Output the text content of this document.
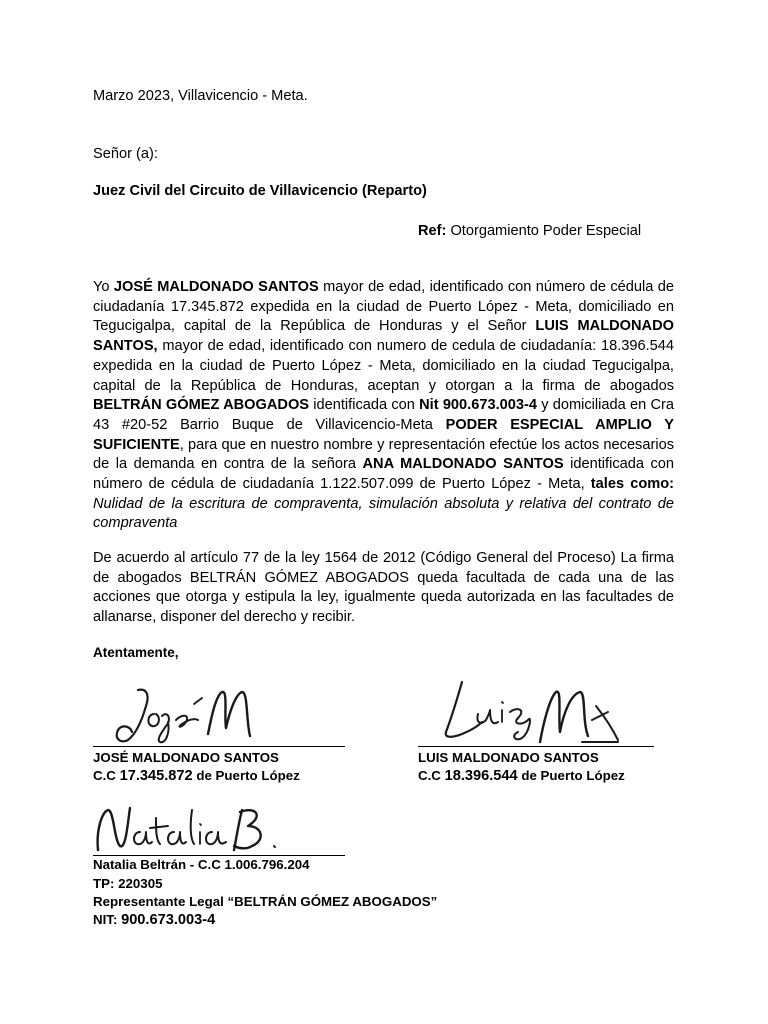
Marzo 2023, Villavicencio - Meta.
Señor (a):
Juez Civil del Circuito de Villavicencio (Reparto)
Ref: Otorgamiento Poder Especial
Yo JOSÉ MALDONADO SANTOS mayor de edad, identificado con número de cédula de ciudadanía 17.345.872 expedida en la ciudad de Puerto López - Meta, domiciliado en Tegucigalpa, capital de la República de Honduras y el Señor LUIS MALDONADO SANTOS, mayor de edad, identificado con numero de cedula de ciudadanía: 18.396.544 expedida en la ciudad de Puerto López - Meta, domiciliado en la ciudad Tegucigalpa, capital de la República de Honduras, aceptan y otorgan a la firma de abogados BELTRÁN GÓMEZ ABOGADOS identificada con Nit 900.673.003-4 y domiciliada en Cra 43 #20-52 Barrio Buque de Villavicencio-Meta PODER ESPECIAL AMPLIO Y SUFICIENTE, para que en nuestro nombre y representación efectúe los actos necesarios de la demanda en contra de la señora ANA MALDONADO SANTOS identificada con número de cédula de ciudadanía 1.122.507.099 de Puerto López - Meta, tales como: Nulidad de la escritura de compraventa, simulación absoluta y relativa del contrato de compraventa
De acuerdo al artículo 77 de la ley 1564 de 2012 (Código General del Proceso) La firma de abogados BELTRÁN GÓMEZ ABOGADOS queda facultada de cada una de las acciones que otorga y estipula la ley, igualmente queda autorizada en las facultades de allanarse, disponer del derecho y recibir.
Atentamente,
JOSÉ MALDONADO SANTOS
C.C 17.345.872 de Puerto López
LUIS MALDONADO SANTOS
C.C 18.396.544 de Puerto López
Natalia Beltrán - C.C 1.006.796.204
TP: 220305
Representante Legal “BELTRÁN GÓMEZ ABOGADOS”
NIT: 900.673.003-4
